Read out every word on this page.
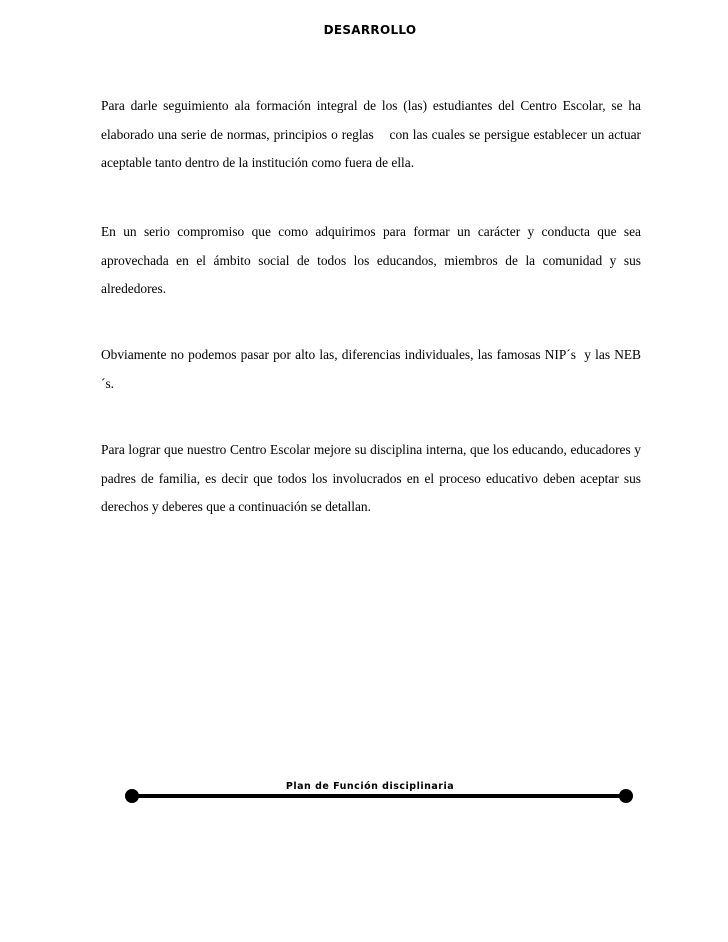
DESARROLLO

Para darle seguimiento ala formación integral de los (las) estudiantes del Centro Escolar, se ha elaborado una serie de normas, principios o reglas    con las cuales se persigue establecer un actuar aceptable tanto dentro de la institución como fuera de ella.

En un serio compromiso que como adquirimos para formar un carácter y conducta que sea aprovechada en el ámbito social de todos los educandos, miembros de la comunidad y sus alrededores.

Obviamente no podemos pasar por alto las, diferencias individuales, las famosas NIP´s  y las NEB´s.

Para lograr que nuestro Centro Escolar mejore su disciplina interna, que los educando, educadores y padres de familia, es decir que todos los involucrados en el proceso educativo deben aceptar sus derechos y deberes que a continuación se detallan.

Plan de Función disciplinaria
